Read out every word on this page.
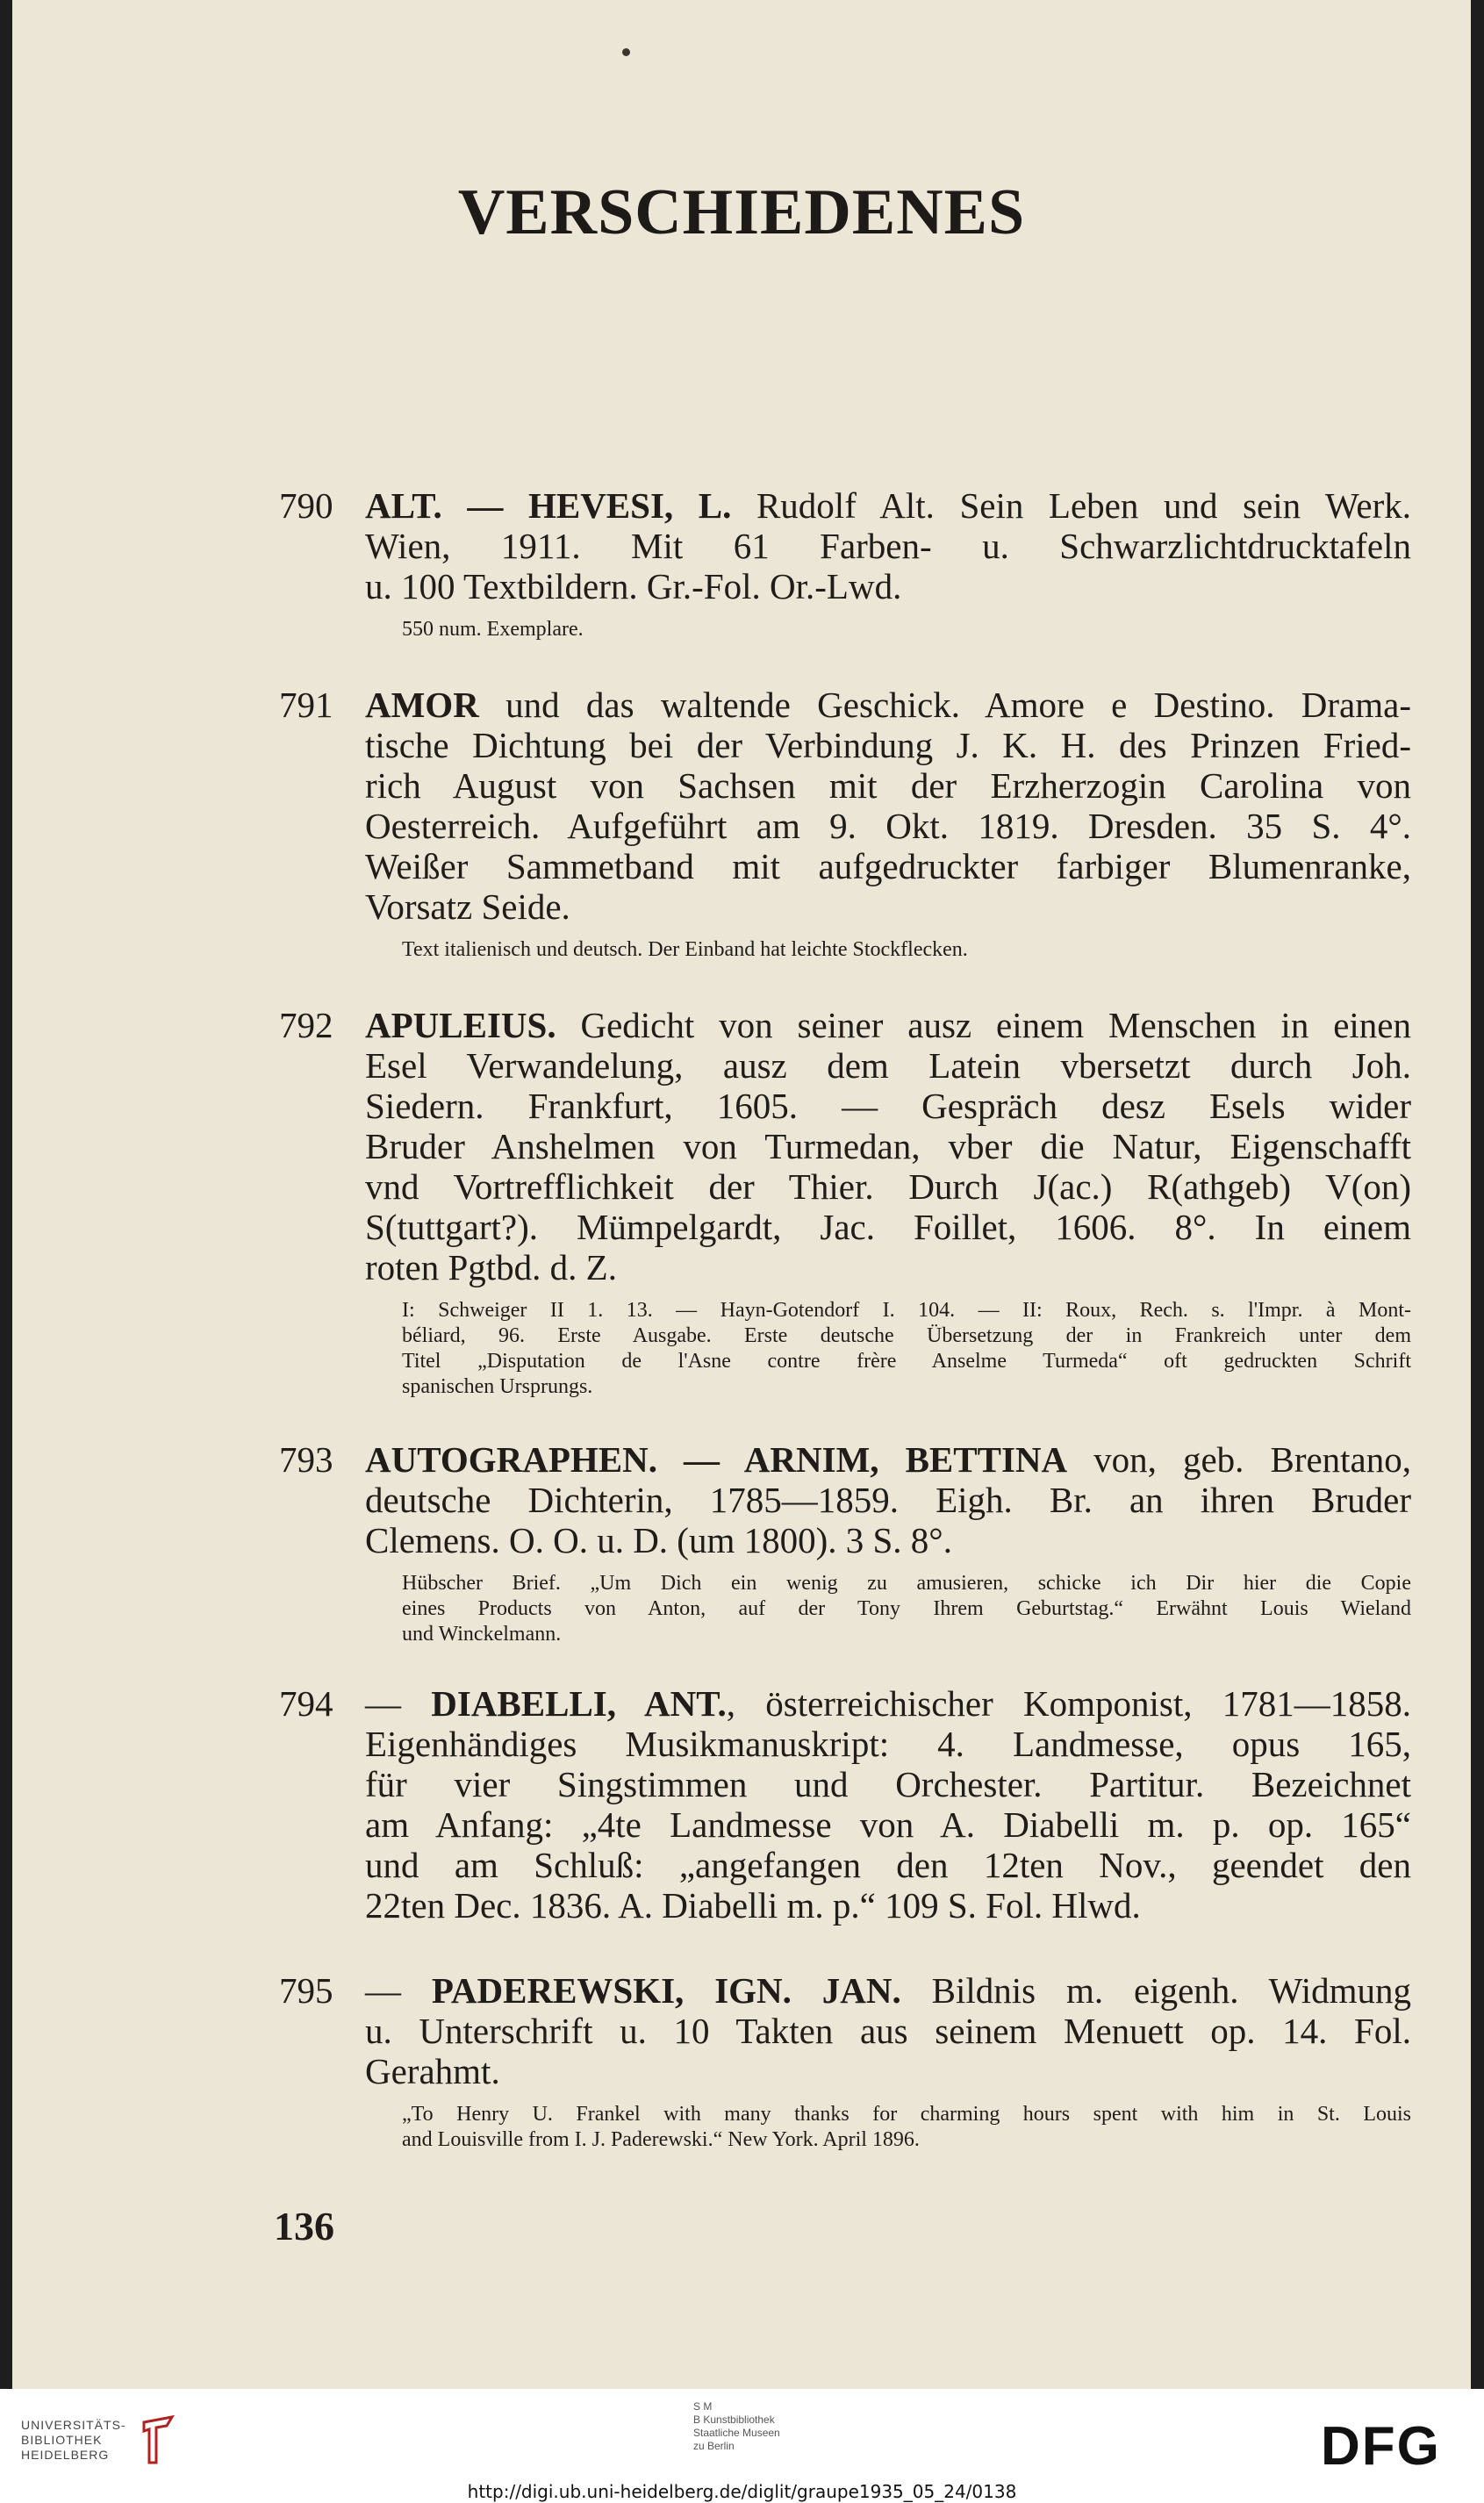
VERSCHIEDENES
790 ALT. — HEVESI, L. Rudolf Alt. Sein Leben und sein Werk.
Wien, 1911. Mit 61 Farben- u. Schwarzlichtdrucktafeln
u. 100 Textbildern. Gr.-Fol. Or.-Lwd.
550 num. Exemplare.
791 AMOR und das waltende Geschick. Amore e Destino. Drama-
tische Dichtung bei der Verbindung J. K. H. des Prinzen Fried-
rich August von Sachsen mit der Erzherzogin Carolina von
Oesterreich. Aufgeführt am 9. Okt. 1819. Dresden. 35 S. 4°.
Weißer Sammetband mit aufgedruckter farbiger Blumenranke,
Vorsatz Seide.
Text italienisch und deutsch. Der Einband hat leichte Stockflecken.
792 APULEIUS. Gedicht von seiner ausz einem Menschen in einen
Esel Verwandelung, ausz dem Latein vbersetzt durch Joh.
Siedern. Frankfurt, 1605. — Gespräch desz Esels wider
Bruder Anshelmen von Turmedan, vber die Natur, Eigenschafft
vnd Vortrefflichkeit der Thier. Durch J(ac.) R(athgeb) V(on)
S(tuttgart?). Mümpelgardt, Jac. Foillet, 1606. 8°. In einem
roten Pgtbd. d. Z.
I: Schweiger II 1. 13. — Hayn-Gotendorf I. 104. — II: Roux, Rech. s. l'Impr. à Mont-
béliard, 96. Erste Ausgabe. Erste deutsche Übersetzung der in Frankreich unter dem
Titel „Disputation de l'Asne contre frère Anselme Turmeda“ oft gedruckten Schrift
spanischen Ursprungs.
793 AUTOGRAPHEN. — ARNIM, BETTINA von, geb. Brentano,
deutsche Dichterin, 1785—1859. Eigh. Br. an ihren Bruder
Clemens. O. O. u. D. (um 1800). 3 S. 8°.
Hübscher Brief. „Um Dich ein wenig zu amusieren, schicke ich Dir hier die Copie
eines Products von Anton, auf der Tony Ihrem Geburtstag.“ Erwähnt Louis Wieland
und Winckelmann.
794 — DIABELLI, ANT., österreichischer Komponist, 1781—1858.
Eigenhändiges Musikmanuskript: 4. Landmesse, opus 165,
für vier Singstimmen und Orchester. Partitur. Bezeichnet
am Anfang: „4te Landmesse von A. Diabelli m. p. op. 165“
und am Schluß: „angefangen den 12ten Nov., geendet den
22ten Dec. 1836. A. Diabelli m. p.“ 109 S. Fol. Hlwd.
795 — PADEREWSKI, IGN. JAN. Bildnis m. eigenh. Widmung
u. Unterschrift u. 10 Takten aus seinem Menuett op. 14. Fol.
Gerahmt.
„To Henry U. Frankel with many thanks for charming hours spent with him in St. Louis
and Louisville from I. J. Paderewski.“ New York. April 1896.
136
UNIVERSITÄTS-
BIBLIOTHEK
HEIDELBERG
S M
B Kunstbibliothek
Staatliche Museen
zu Berlin	DFG
http://digi.ub.uni-heidelberg.de/diglit/graupe1935_05_24/0138
